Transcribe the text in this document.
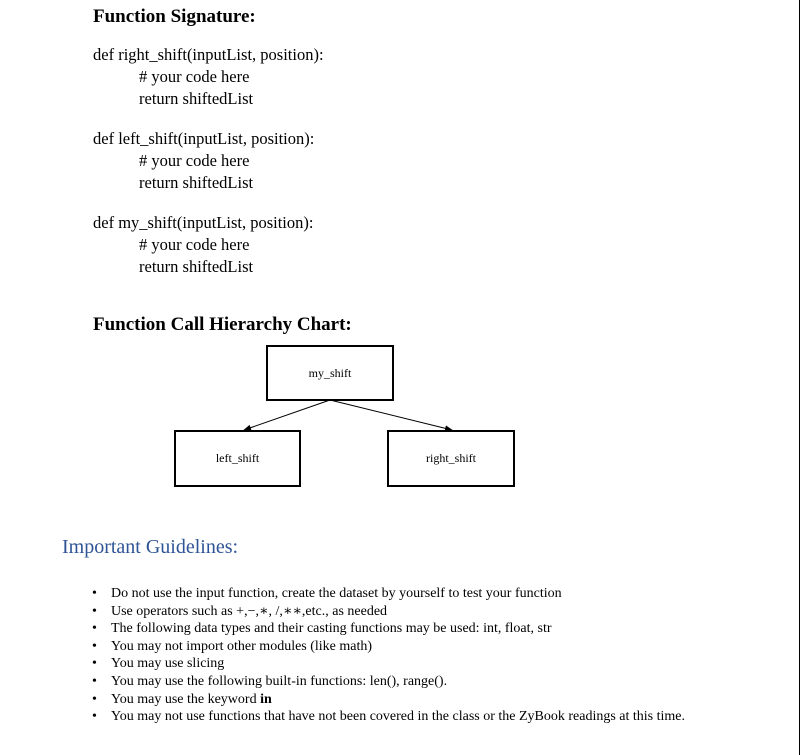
Function Signature:
def right_shift(inputList, position):
# your code here
return shiftedList
def left_shift(inputList, position):
# your code here
return shiftedList
def my_shift(inputList, position):
# your code here
return shiftedList
Function Call Hierarchy Chart:
my_shift
left_shift	right_shift
Important Guidelines:
• Do not use the input function, create the dataset by yourself to test your function
• Use operators such as +,−,∗, /,∗∗,etc., as needed
• The following data types and their casting functions may be used: int, float, str
• You may not import other modules (like math)
• You may use slicing
• You may use the following built-in functions: len(), range().
• You may use the keyword in
• You may not use functions that have not been covered in the class or the ZyBook readings at this time.
